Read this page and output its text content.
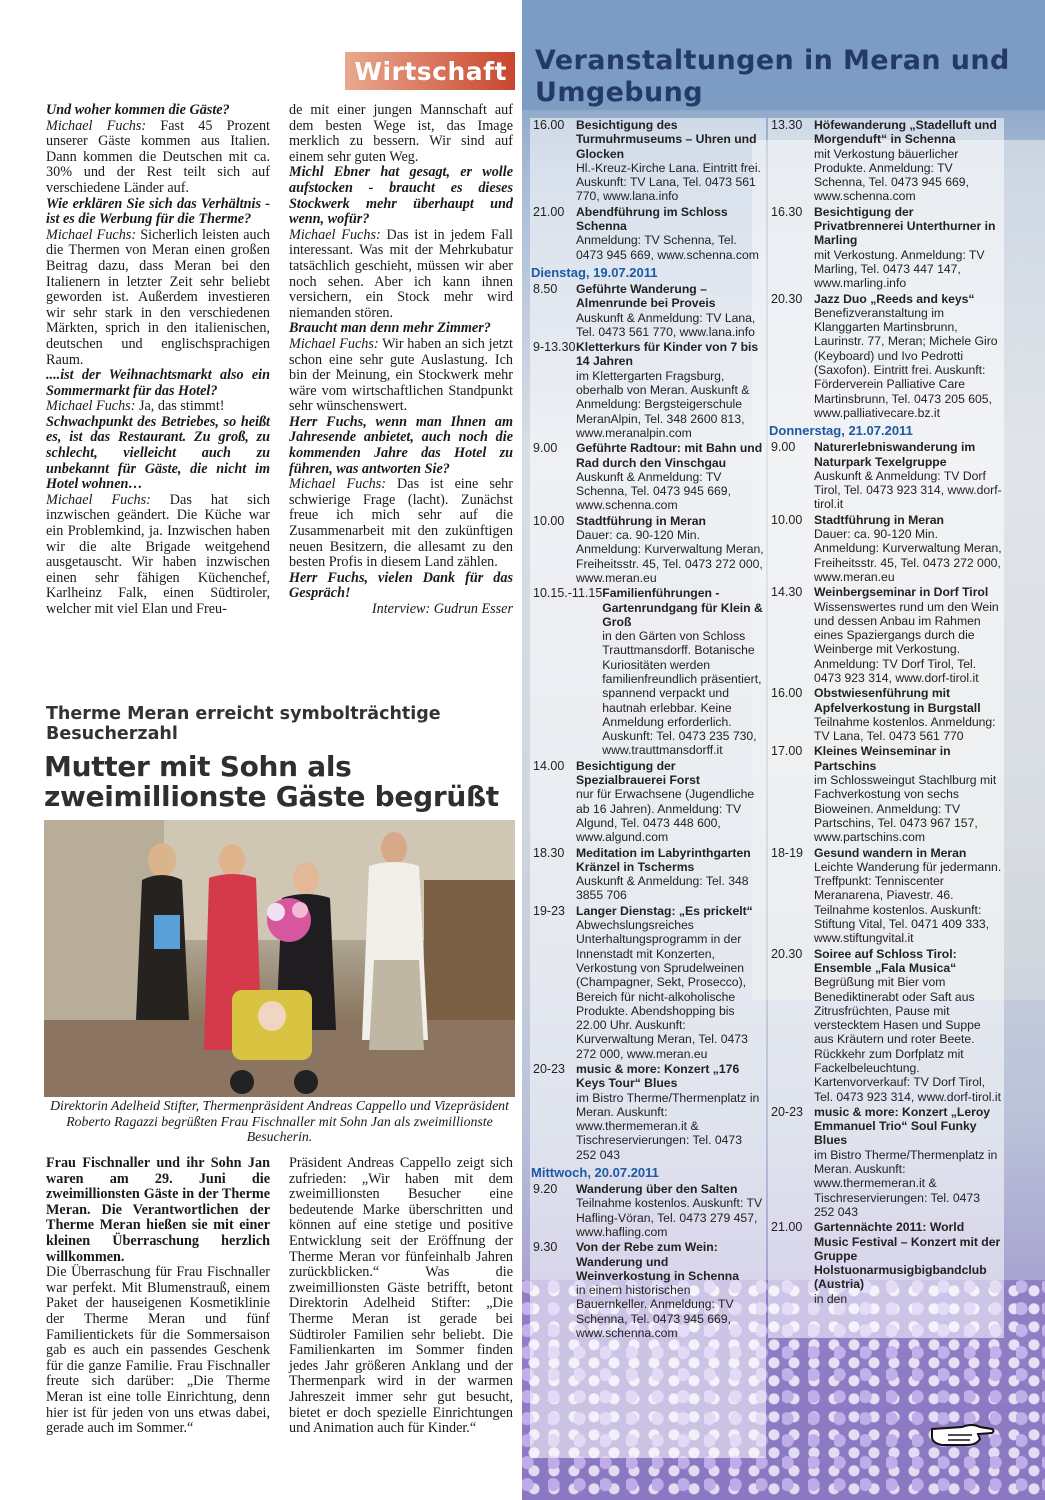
Wirtschaft

Und woher kommen die Gäste?

Michael Fuchs: Fast 45 Prozent unserer Gäste kommen aus Italien. Dann kommen die Deutschen mit ca. 30% und der Rest teilt sich auf verschiedene Länder auf.

Wie erklären Sie sich das Verhältnis - ist es die Werbung für die Therme?

Michael Fuchs: Sicherlich leisten auch die Thermen von Meran einen großen Beitrag dazu, dass Meran bei den Italienern in letzter Zeit sehr beliebt geworden ist. Außerdem investieren wir sehr stark in den verschiedenen Märkten, sprich in den italienischen, deutschen und englischsprachigen Raum.

....ist der Weihnachtsmarkt also ein Sommermarkt für das Hotel?

Michael Fuchs: Ja, das stimmt!

Schwachpunkt des Betriebes, so heißt es, ist das Restaurant. Zu groß, zu schlecht, vielleicht auch zu unbekannt für Gäste, die nicht im Hotel wohnen…

Michael Fuchs: Das hat sich inzwischen geändert. Die Küche war ein Problemkind, ja. Inzwischen haben wir die alte Brigade weitgehend ausgetauscht. Wir haben inzwischen einen sehr fähigen Küchenchef, Karlheinz Falk, einen Südtiroler, welcher mit viel Elan und Freu-

de mit einer jungen Mannschaft auf dem besten Wege ist, das Image merklich zu bessern. Wir sind auf einem sehr guten Weg.

Michl Ebner hat gesagt, er wolle aufstocken - braucht es dieses Stockwerk mehr überhaupt und wenn, wofür?

Michael Fuchs: Das ist in jedem Fall interessant. Was mit der Mehrkubatur tatsächlich geschieht, müssen wir aber noch sehen. Aber ich kann ihnen versichern, ein Stock mehr wird niemanden stören.

Braucht man denn mehr Zimmer?

Michael Fuchs: Wir haben an sich jetzt schon eine sehr gute Auslastung. Ich bin der Meinung, ein Stockwerk mehr wäre vom wirtschaftlichen Standpunkt sehr wünschenswert.

Herr Fuchs, wenn man Ihnen am Jahresende anbietet, auch noch die kommenden Jahre das Hotel zu führen, was antworten Sie?

Michael Fuchs: Das ist eine sehr schwierige Frage (lacht). Zunächst freue ich mich sehr auf die Zusammenarbeit mit den zukünftigen neuen Besitzern, die allesamt zu den besten Profis in diesem Land zählen.

Herr Fuchs, vielen Dank für das Gespräch!

Interview: Gudrun Esser

Therme Meran erreicht symbolträchtige Besucherzahl
Mutter mit Sohn als zweimillionste Gäste begrüßt
Direktorin Adelheid Stifter, Thermenpräsident Andreas Cappello und Vizepräsident Roberto Ragazzi begrüßten Frau Fischnaller mit Sohn Jan als zweimillionste Besucherin.

Frau Fischnaller und ihr Sohn Jan waren am 29. Juni die zweimillionsten Gäste in der Therme Meran. Die Verantwortlichen der Therme Meran hießen sie mit einer kleinen Überraschung herzlich willkommen.

Die Überraschung für Frau Fischnaller war perfekt. Mit Blumenstrauß, einem Paket der hauseigenen Kosmetiklinie der Therme Meran und fünf Familientickets für die Sommersaison gab es auch ein passendes Geschenk für die ganze Familie. Frau Fischnaller freute sich darüber: „Die Therme Meran ist eine tolle Einrichtung, denn hier ist für jeden von uns etwas dabei, gerade auch im Sommer.“

Präsident Andreas Cappello zeigt sich zufrieden: „Wir haben mit dem zweimillionsten Besucher eine bedeutende Marke überschritten und können auf eine stetige und positive Entwicklung seit der Eröffnung der Therme Meran vor fünfeinhalb Jahren zurückblicken.“ Was die zweimillionsten Gäste betrifft, betont Direktorin Adelheid Stifter: „Die Therme Meran ist gerade bei Südtiroler Familien sehr beliebt. Die Familienkarten im Sommer finden jedes Jahr größeren Anklang und der Thermenpark wird in der warmen Jahreszeit immer sehr gut besucht, bietet er doch spezielle Einrichtungen und Animation auch für Kinder.“

Veranstaltungen in Meran und Umgebung
16.00 Besichtigung des Turmuhrmuseums – Uhren und Glocken
Hl.-Kreuz-Kirche Lana. Eintritt frei. Auskunft: TV Lana, Tel. 0473 561 770, www.lana.info
21.00 Abendführung im Schloss Schenna
Anmeldung: TV Schenna, Tel. 0473 945 669, www.schenna.com
Dienstag, 19.07.2011
8.50	Geführte Wanderung – Almenrunde bei Proveis
Auskunft & Anmeldung: TV Lana, Tel. 0473 561 770, www.lana.info
9-13.30 Kletterkurs für Kinder von 7 bis 14 Jahren
im Klettergarten Fragsburg, oberhalb von Meran. Auskunft & Anmeldung: Bergsteigerschule MeranAlpin, Tel. 348 2600 813, www.meranalpin.com
9.00	Geführte Radtour: mit Bahn und Rad durch den Vinschgau
Auskunft & Anmeldung: TV Schenna, Tel. 0473 945 669, www.schenna.com
10.00 Stadtführung in Meran
Dauer: ca. 90-120 Min. Anmeldung: Kurverwaltung Meran, Freiheitsstr. 45, Tel. 0473 272 000, www.meran.eu
10.15.-11.15 Familienführungen - Gartenrundgang für Klein & Groß
in den Gärten von Schloss Trauttmansdorff. Botanische Kuriositäten werden familienfreundlich präsentiert, spannend verpackt und hautnah erlebbar. Keine Anmeldung erforderlich. Auskunft: Tel. 0473 235 730, www.trauttmansdorff.it
14.00 Besichtigung der Spezialbrauerei Forst
nur für Erwachsene (Jugendliche ab 16 Jahren). Anmeldung: TV Algund, Tel. 0473 448 600, www.algund.com
18.30 Meditation im Labyrinthgarten Kränzel in Tscherms
Auskunft & Anmeldung: Tel. 348 3855 706
19-23 Langer Dienstag: „Es prickelt“
Abwechslungsreiches Unterhaltungsprogramm in der Innenstadt mit Konzerten, Verkostung von Sprudelweinen (Champagner, Sekt, Prosecco), Bereich für nicht-alkoholische Produkte. Abendshopping bis 22.00 Uhr. Auskunft: Kurverwaltung Meran, Tel. 0473 272 000, www.meran.eu
20-23 music & more: Konzert „176 Keys Tour“ Blues
im Bistro Therme/Thermenplatz in Meran. Auskunft: www.thermemeran.it & Tischreservierungen: Tel. 0473 252 043
Mittwoch, 20.07.2011
9.20	Wanderung über den Salten
Teilnahme kostenlos. Auskunft: TV Hafling-Vöran, Tel. 0473 279 457, www.hafling.com
9.30	Von der Rebe zum Wein: Wanderung und Weinverkostung in Schenna
in einem historischen Bauernkeller. Anmeldung: TV Schenna, Tel. 0473 945 669, www.schenna.com
13.30 Höfewanderung „Stadelluft und Morgenduft“ in Schenna
mit Verkostung bäuerlicher Produkte. Anmeldung: TV Schenna, Tel. 0473 945 669, www.schenna.com
16.30 Besichtigung der Privatbrennerei Unterthurner in Marling
mit Verkostung. Anmeldung: TV Marling, Tel. 0473 447 147, www.marling.info
20.30 Jazz Duo „Reeds and keys“
Benefizveranstaltung im Klanggarten Martinsbrunn, Laurinstr. 77, Meran; Michele Giro (Keyboard) und Ivo Pedrotti (Saxofon). Eintritt frei. Auskunft: Förderverein Palliative Care Martinsbrunn, Tel. 0473 205 605, www.palliativecare.bz.it
Donnerstag, 21.07.2011
9.00	Naturerlebniswanderung im Naturpark Texelgruppe
Auskunft & Anmeldung: TV Dorf Tirol, Tel. 0473 923 314, www.dorf-tirol.it
10.00 Stadtführung in Meran
Dauer: ca. 90-120 Min. Anmeldung: Kurverwaltung Meran, Freiheitsstr. 45, Tel. 0473 272 000, www.meran.eu
14.30 Weinbergseminar in Dorf Tirol
Wissenswertes rund um den Wein und dessen Anbau im Rahmen eines Spaziergangs durch die Weinberge mit Verkostung. Anmeldung: TV Dorf Tirol, Tel. 0473 923 314, www.dorf-tirol.it
16.00 Obstwiesenführung mit Apfelverkostung in Burgstall
Teilnahme kostenlos. Anmeldung: TV Lana, Tel. 0473 561 770
17.00 Kleines Weinseminar in Partschins
im Schlossweingut Stachlburg mit Fachverkostung von sechs Bioweinen. Anmeldung: TV Partschins, Tel. 0473 967 157, www.partschins.com
18-19 Gesund wandern in Meran
Leichte Wanderung für jedermann. Treffpunkt: Tenniscenter Meranarena, Piavestr. 46. Teilnahme kostenlos. Auskunft: Stiftung Vital, Tel. 0471 409 333, www.stiftungvital.it
20.30 Soiree auf Schloss Tirol: Ensemble „Fala Musica“
Begrüßung mit Bier vom Benediktinerabt oder Saft aus Zitrusfrüchten, Pause mit verstecktem Hasen und Suppe aus Kräutern und roter Beete. Rückkehr zum Dorfplatz mit Fackelbeleuchtung. Kartenvorverkauf: TV Dorf Tirol, Tel. 0473 923 314, www.dorf-tirol.it
20-23 music & more: Konzert „Leroy Emmanuel Trio“ Soul Funky Blues
im Bistro Therme/Thermenplatz in Meran. Auskunft: www.thermemeran.it & Tischreservierungen: Tel. 0473 252 043
21.00 Gartennächte 2011: World Music Festival – Konzert mit der Gruppe Holstuonarmusigbigbandclub (Austria)
in den
